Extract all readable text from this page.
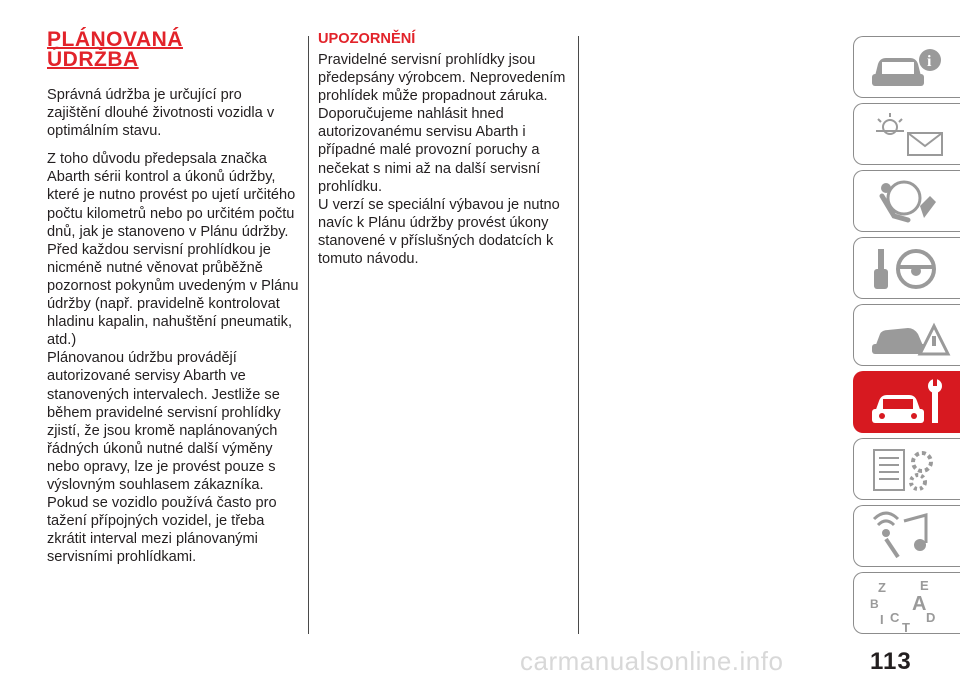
PLÁNOVANÁ
ÚDRŽBA

Správná údržba je určující pro zajištění dlouhé životnosti vozidla v optimálním stavu.

Z toho důvodu předepsala značka Abarth sérii kontrol a úkonů údržby, které je nutno provést po ujetí určitého počtu kilometrů nebo po určitém počtu dnů, jak je stanoveno v Plánu údržby.

Před každou servisní prohlídkou je nicméně nutné věnovat průběžně pozornost pokynům uvedeným v Plánu údržby (např. pravidelně kontrolovat hladinu kapalin, nahuštění pneumatik, atd.)

Plánovanou údržbu provádějí autorizované servisy Abarth ve stanovených intervalech. Jestliže se během pravidelné servisní prohlídky zjistí, že jsou kromě naplánovaných řádných úkonů nutné další výměny nebo opravy, lze je provést pouze s výslovným souhlasem zákazníka.

Pokud se vozidlo používá často pro tažení přípojných vozidel, je třeba zkrátit interval mezi plánovanými servisními prohlídkami.

UPOZORNĚNÍ

Pravidelné servisní prohlídky jsou předepsány výrobcem. Neprovedením prohlídek může propadnout záruka. Doporučujeme nahlásit hned autorizovanému servisu Abarth i případné malé provozní poruchy a nečekat s nimi až na další servisní prohlídku.

U verzí se speciální výbavou je nutno navíc k Plánu údržby provést úkony stanovené v příslušných dodatcích k tomuto návodu.

i
Z	E
B A
I C D
T
carmanualsonline.info	113
